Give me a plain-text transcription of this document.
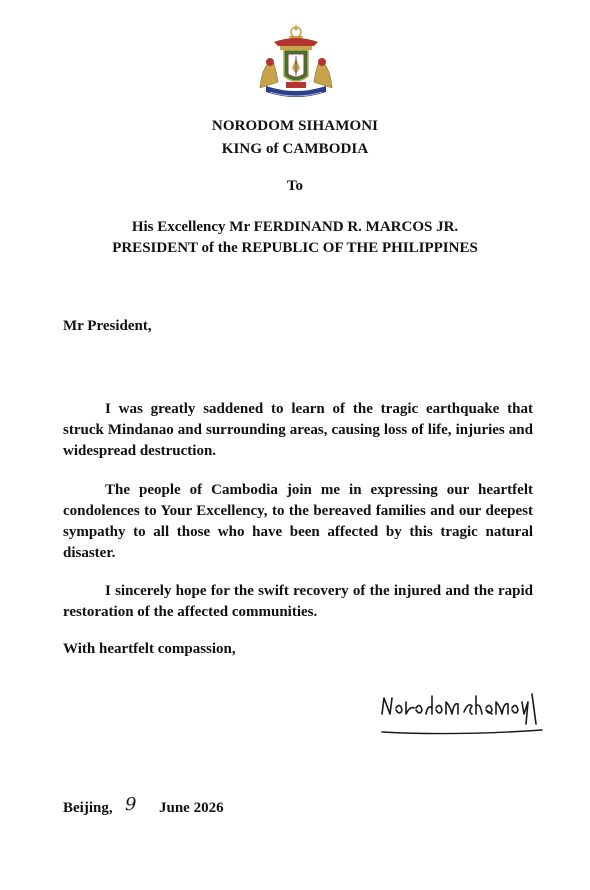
NORODOM SIHAMONI
KING of CAMBODIA
To
His Excellency Mr FERDINAND R. MARCOS JR.
PRESIDENT of the REPUBLIC OF THE PHILIPPINES
Mr President,

I was greatly saddened to learn of the tragic earthquake that struck Mindanao and surrounding areas, causing loss of life, injuries and widespread destruction.

The people of Cambodia join me in expressing our heartfelt condolences to Your Excellency, to the bereaved families and our deepest sympathy to all those who have been affected by this tragic natural disaster.

I sincerely hope for the swift recovery of the injured and the rapid restoration of the affected communities.

With heartfelt compassion,
Beijing, 9 June 2026
